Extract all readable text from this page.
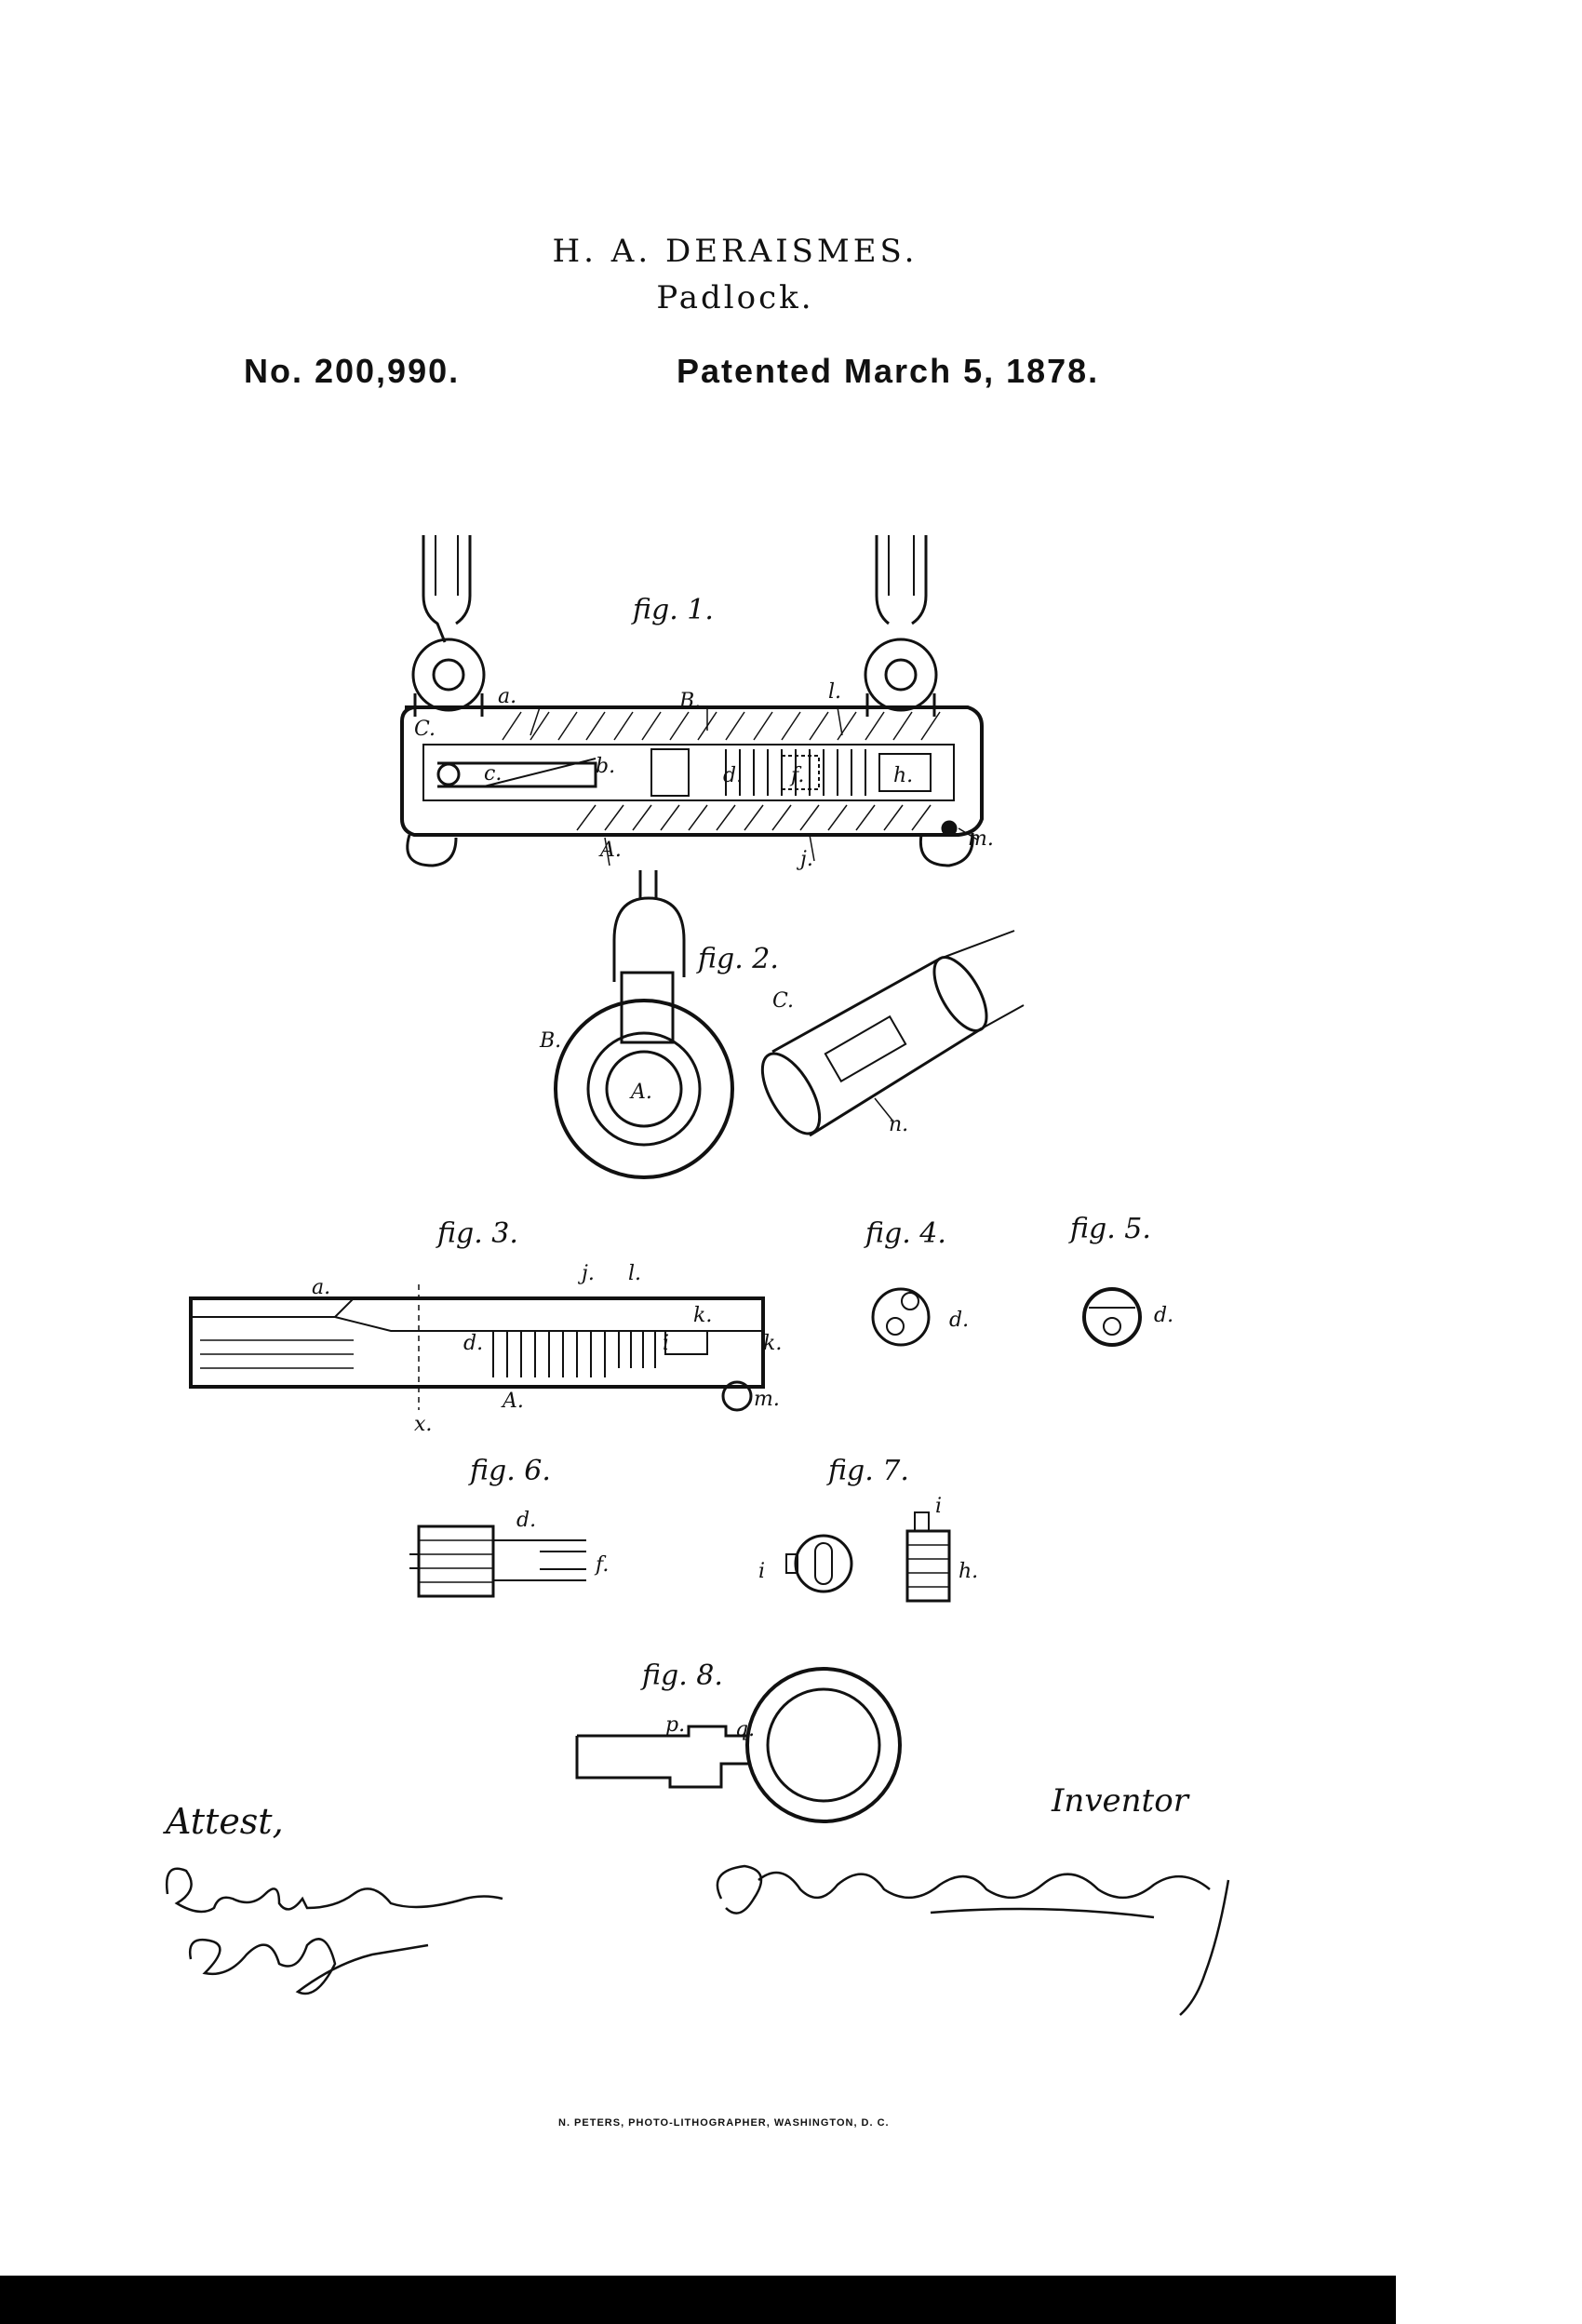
H. A. DERAISMES.
Padlock.
No. 200,990.	Patented March 5, 1878.
fig. 1.
a.	B.	l.
C.
c.	b.	d. f.	h.
A.	j.
m.
fig. 2.
B.
A.
C.
n.
fig. 3.
a.
j. l.
k.
k.
d.	i
A.	m.
x.
fig. 4.	fig. 5.
d.	d.
fig. 6.
d.
f.
fig. 7.
i
i
h.
fig. 8.
p. q.
Attest,	Inventor
N. PETERS, PHOTO-LITHOGRAPHER, WASHINGTON, D. C.
